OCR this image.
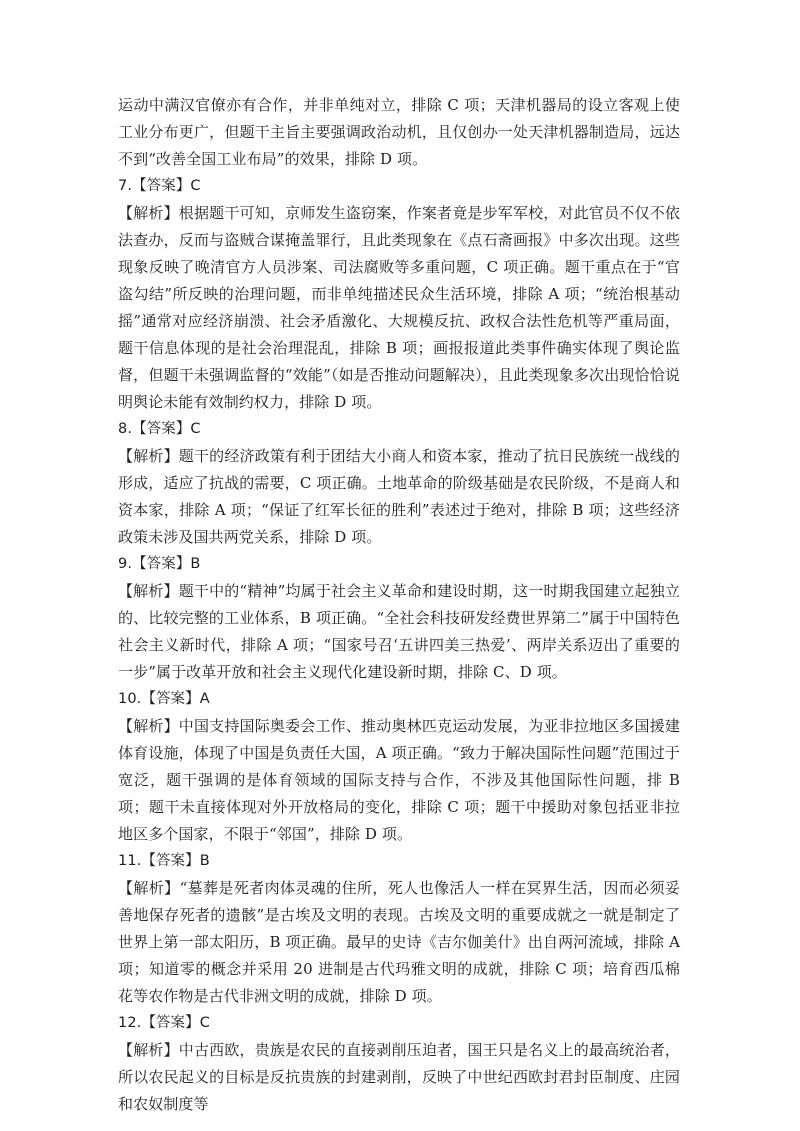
运动中满汉官僚亦有合作，并非单纯对立，排除 C 项；天津机器局的设立客观上使工业分布更广，但题干主旨主要强调政治动机，且仅创办一处天津机器制造局，远达不到“改善全国工业布局”的效果，排除 D 项。

7.【答案】C

【解析】根据题干可知，京师发生盗窃案，作案者竟是步军军校，对此官员不仅不依法查办，反而与盗贼合谋掩盖罪行，且此类现象在《点石斋画报》中多次出现。这些现象反映了晚清官方人员涉案、司法腐败等多重问题，C 项正确。题干重点在于“官盗勾结”所反映的治理问题，而非单纯描述民众生活环境，排除 A 项；“统治根基动摇”通常对应经济崩溃、社会矛盾激化、大规模反抗、政权合法性危机等严重局面，题干信息体现的是社会治理混乱，排除 B 项；画报报道此类事件确实体现了舆论监督，但题干未强调监督的“效能”（如是否推动问题解决），且此类现象多次出现恰恰说明舆论未能有效制约权力，排除 D 项。

8.【答案】C

【解析】题干的经济政策有利于团结大小商人和资本家，推动了抗日民族统一战线的形成，适应了抗战的需要，C 项正确。土地革命的阶级基础是农民阶级，不是商人和资本家，排除 A 项；“保证了红军长征的胜利”表述过于绝对，排除 B 项；这些经济政策未涉及国共两党关系，排除 D 项。

9.【答案】B

【解析】题干中的“精神”均属于社会主义革命和建设时期，这一时期我国建立起独立的、比较完整的工业体系，B 项正确。“全社会科技研发经费世界第二”属于中国特色社会主义新时代，排除 A 项；“国家号召‘五讲四美三热爱’、两岸关系迈出了重要的一步”属于改革开放和社会主义现代化建设新时期，排除 C、D 项。

10.【答案】A

【解析】中国支持国际奥委会工作、推动奥林匹克运动发展，为亚非拉地区多国援建体育设施，体现了中国是负责任大国，A 项正确。“致力于解决国际性问题”范围过于宽泛，题干强调的是体育领域的国际支持与合作，不涉及其他国际性问题，排 B 项；题干未直接体现对外开放格局的变化，排除 C 项；题干中援助对象包括亚非拉地区多个国家，不限于“邻国”，排除 D 项。

11.【答案】B

【解析】“墓葬是死者肉体灵魂的住所，死人也像活人一样在冥界生活，因而必须妥善地保存死者的遗骸”是古埃及文明的表现。古埃及文明的重要成就之一就是制定了世界上第一部太阳历，B 项正确。最早的史诗《吉尔伽美什》出自两河流域，排除 A 项；知道零的概念并采用 20 进制是古代玛雅文明的成就，排除 C 项；培育西瓜棉花等农作物是古代非洲文明的成就，排除 D 项。

12.【答案】C

【解析】中古西欧，贵族是农民的直接剥削压迫者，国王只是名义上的最高统治者，所以农民起义的目标是反抗贵族的封建剥削，反映了中世纪西欧封君封臣制度、庄园和农奴制度等
